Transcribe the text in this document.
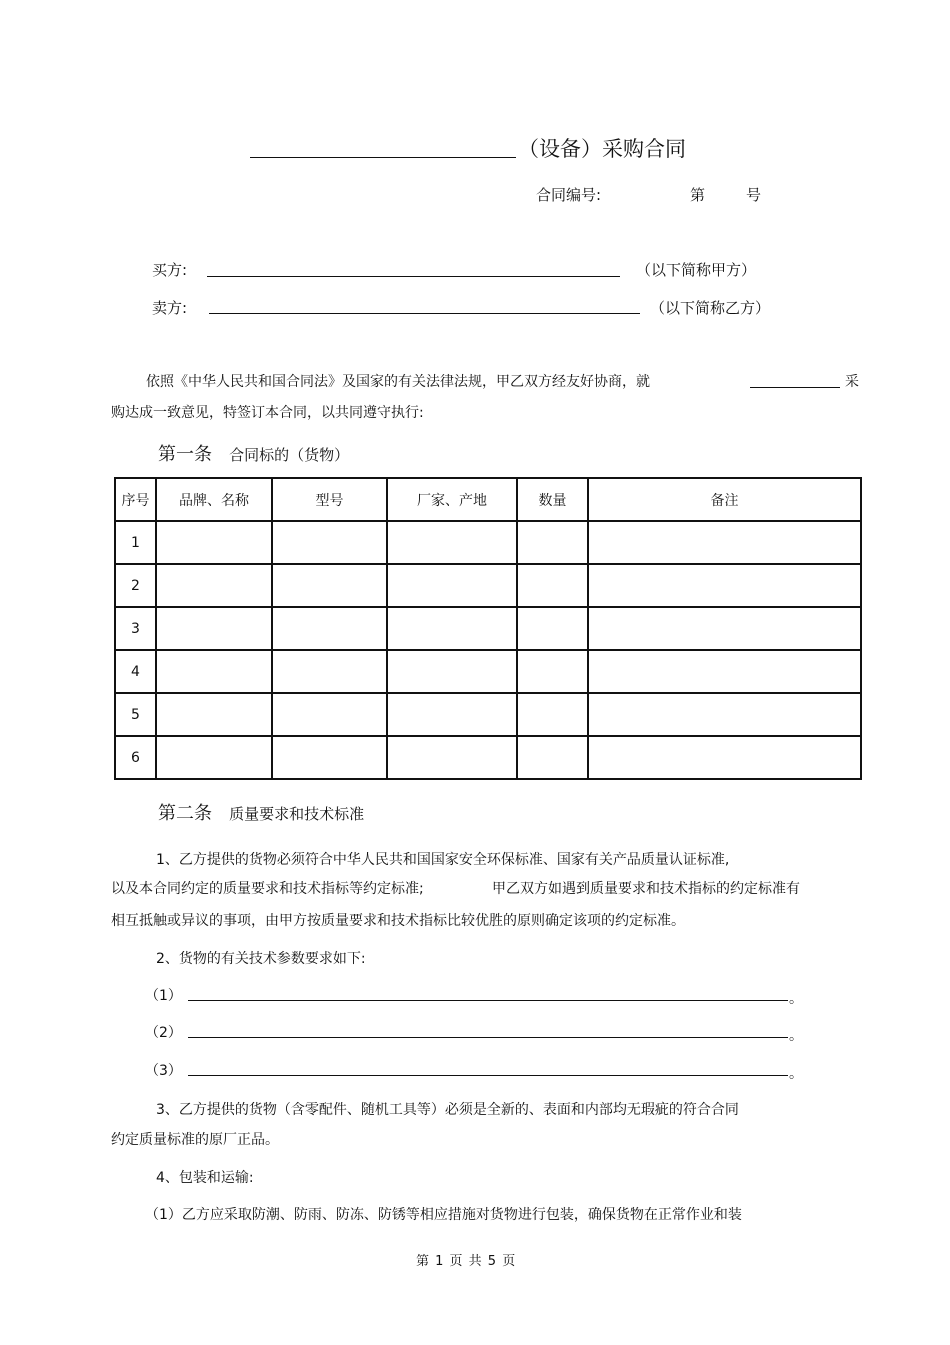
（设备）采购合同
合同编号:	第	号
买方:	（以下简称甲方）
卖方:	（以下简称乙方）
依照《中华人民共和国合同法》及国家的有关法律法规，甲乙双方经友好协商，就	采
购达成一致意见，特签订本合同，以共同遵守执行:
第一条 合同标的（货物）
序号	品牌、名称	型号	厂家、产地	数量	备注
1					
2					
3					
4					
5					
6					
第二条 质量要求和技术标准
1、乙方提供的货物必须符合中华人民共和国国家安全环保标准、国家有关产品质量认证标准,
以及本合同约定的质量要求和技术指标等约定标准;	甲乙双方如遇到质量要求和技术指标的约定标准有
相互抵触或异议的事项，由甲方按质量要求和技术指标比较优胜的原则确定该项的约定标准。
2、货物的有关技术参数要求如下:
（1）	。
（2）	。
（3）	。
3、乙方提供的货物（含零配件、随机工具等）必须是全新的、表面和内部均无瑕疵的符合合同
约定质量标准的原厂正品。
4、包装和运输:
（1）乙方应采取防潮、防雨、防冻、防锈等相应措施对货物进行包装，确保货物在正常作业和装
第 1 页 共 5 页
